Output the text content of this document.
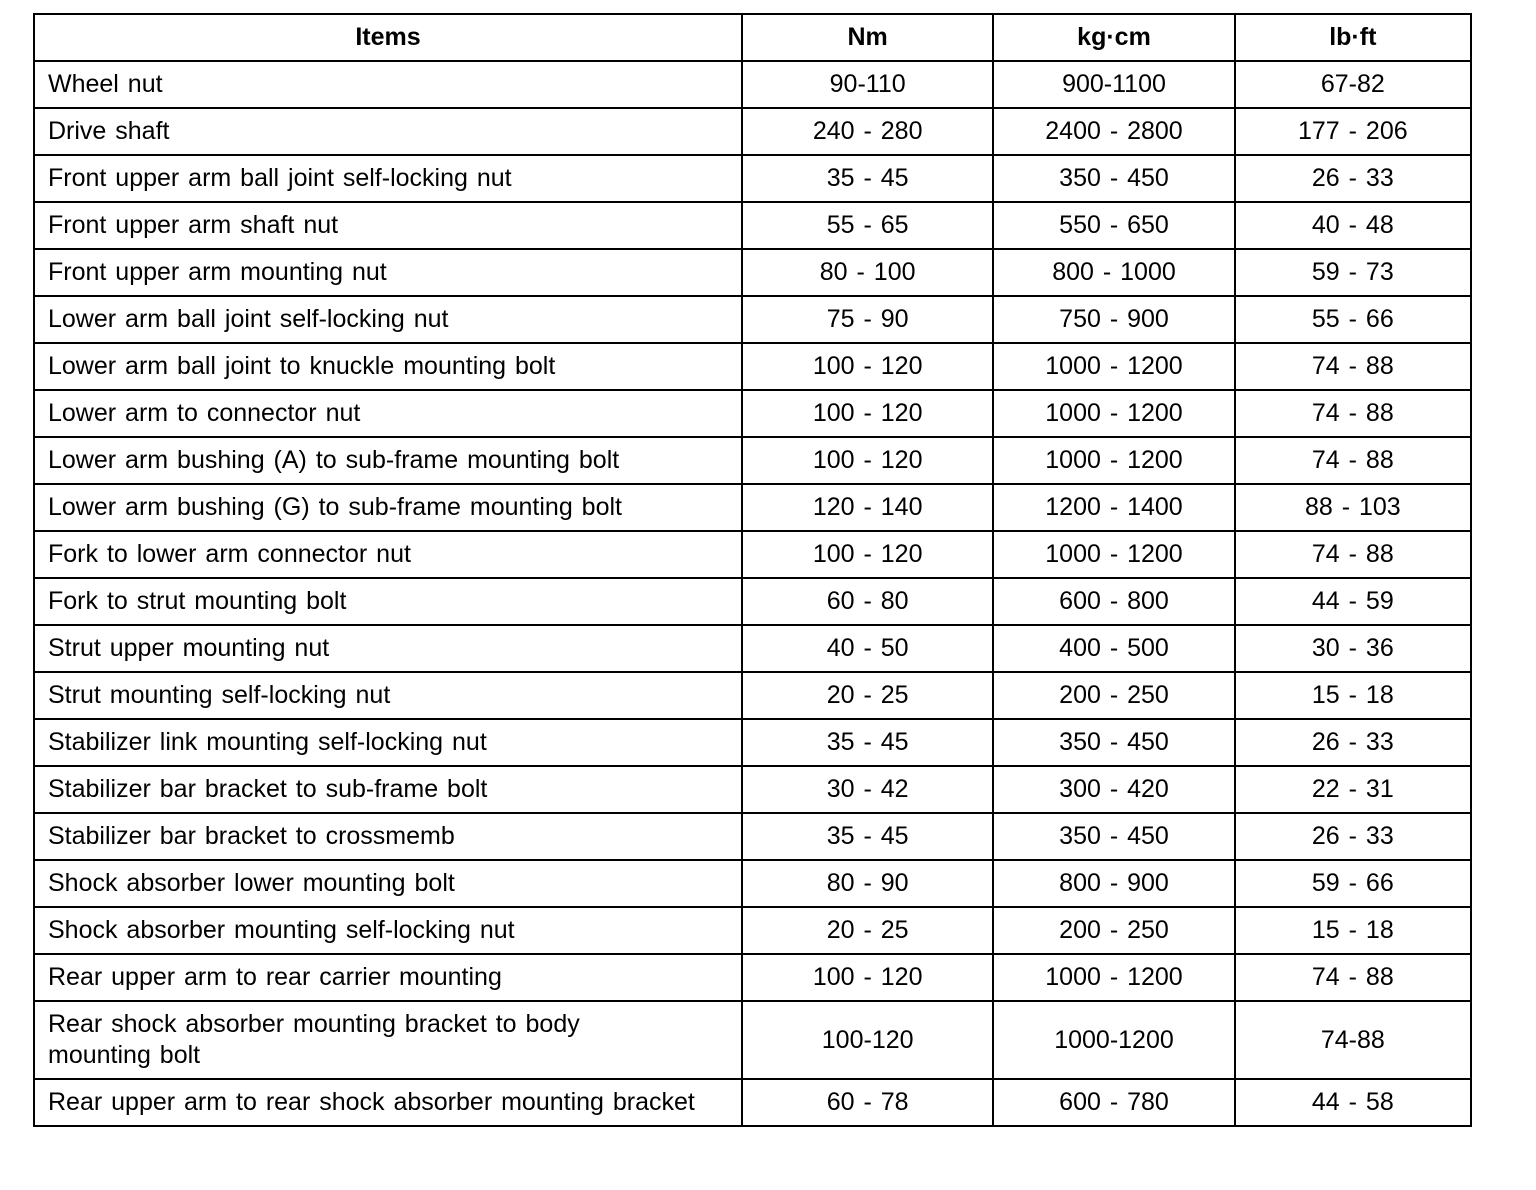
Items	Nm	kg·cm	lb·ft
Wheel nut	90-110	900-1100	67-82
Drive shaft	240 - 280	2400 - 2800	177 - 206
Front upper arm ball joint self-locking nut	35 - 45	350 - 450	26 - 33
Front upper arm shaft nut	55 - 65	550 - 650	40 - 48
Front upper arm mounting nut	80 - 100	800 - 1000	59 - 73
Lower arm ball joint self-locking nut	75 - 90	750 - 900	55 - 66
Lower arm ball joint to knuckle mounting bolt	100 - 120	1000 - 1200	74 - 88
Lower arm to connector nut	100 - 120	1000 - 1200	74 - 88
Lower arm bushing (A) to sub-frame mounting bolt	100 - 120	1000 - 1200	74 - 88
Lower arm bushing (G) to sub-frame mounting bolt	120 - 140	1200 - 1400	88 - 103
Fork to lower arm connector nut	100 - 120	1000 - 1200	74 - 88
Fork to strut mounting bolt	60 - 80	600 - 800	44 - 59
Strut upper mounting nut	40 - 50	400 - 500	30 - 36
Strut mounting self-locking nut	20 - 25	200 - 250	15 - 18
Stabilizer link mounting self-locking nut	35 - 45	350 - 450	26 - 33
Stabilizer bar bracket to sub-frame bolt	30 - 42	300 - 420	22 - 31
Stabilizer bar bracket to crossmemb	35 - 45	350 - 450	26 - 33
Shock absorber lower mounting bolt	80 - 90	800 - 900	59 - 66
Shock absorber mounting self-locking nut	20 - 25	200 - 250	15 - 18
Rear upper arm to rear carrier mounting	100 - 120	1000 - 1200	74 - 88
Rear shock absorber mounting bracket to body mounting bolt	100-120	1000-1200	74-88
Rear upper arm to rear shock absorber mounting bracket	60 - 78	600 - 780	44 - 58
